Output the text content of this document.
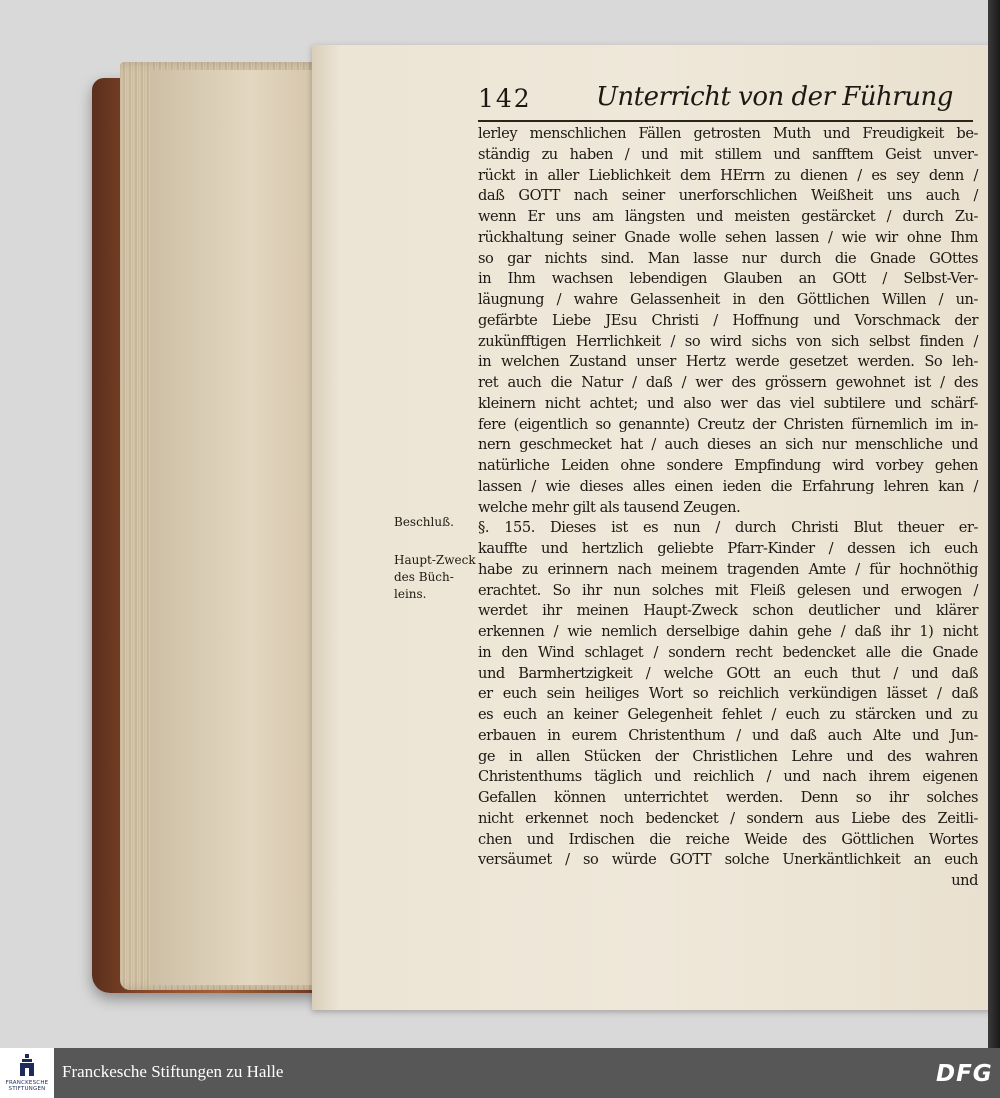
142 Unterricht von der Führung
lerley menschlichen Fällen getrosten Muth und Freudigkeit be-
ständig zu haben / und mit stillem und sanfftem Geist unver-
rückt in aller Lieblichkeit dem HErrn zu dienen / es sey denn /
daß GOTT nach seiner unerforschlichen Weißheit uns auch /
wenn Er uns am längsten und meisten gestärcket / durch Zu-
rückhaltung seiner Gnade wolle sehen lassen / wie wir ohne Ihm
so gar nichts sind. Man lasse nur durch die Gnade GOttes
in Ihm wachsen lebendigen Glauben an GOtt / Selbst-Ver-
läugnung / wahre Gelassenheit in den Göttlichen Willen / un-
gefärbte Liebe JEsu Christi / Hoffnung und Vorschmack der
zukünfftigen Herrlichkeit / so wird sichs von sich selbst finden /
in welchen Zustand unser Hertz werde gesetzet werden. So leh-
ret auch die Natur / daß / wer des grössern gewohnet ist / des
kleinern nicht achtet; und also wer das viel subtilere und schärf-
fere (eigentlich so genannte) Creutz der Christen fürnemlich im in-
nern geschmecket hat / auch dieses an sich nur menschliche und
natürliche Leiden ohne sondere Empfindung wird vorbey gehen
lassen / wie dieses alles einen ieden die Erfahrung lehren kan /
welche mehr gilt als tausend Zeugen.
§. 155. Dieses ist es nun / durch Christi Blut theuer er-
kauffte und hertzlich geliebte Pfarr-Kinder / dessen ich euch
habe zu erinnern nach meinem tragenden Amte / für hochnöthig
erachtet. So ihr nun solches mit Fleiß gelesen und erwogen /
werdet ihr meinen Haupt-Zweck schon deutlicher und klärer
erkennen / wie nemlich derselbige dahin gehe / daß ihr 1) nicht
in den Wind schlaget / sondern recht bedencket alle die Gnade
und Barmhertzigkeit / welche GOtt an euch thut / und daß
er euch sein heiliges Wort so reichlich verkündigen lässet / daß
es euch an keiner Gelegenheit fehlet / euch zu stärcken und zu
erbauen in eurem Christenthum / und daß auch Alte und Jun-
ge in allen Stücken der Christlichen Lehre und des wahren
Christenthums täglich und reichlich / und nach ihrem eigenen
Gefallen können unterrichtet werden. Denn so ihr solches
nicht erkennet noch bedencket / sondern aus Liebe des Zeitli-
chen und Irdischen die reiche Weide des Göttlichen Wortes
versäumet / so würde GOTT solche Unerkäntlichkeit an euch
und
Beschluß.
Haupt-Zweck des Büch-leins.
FRANCKESCHE STIFTUNGEN
Franckesche Stiftungen zu Halle	DFG
